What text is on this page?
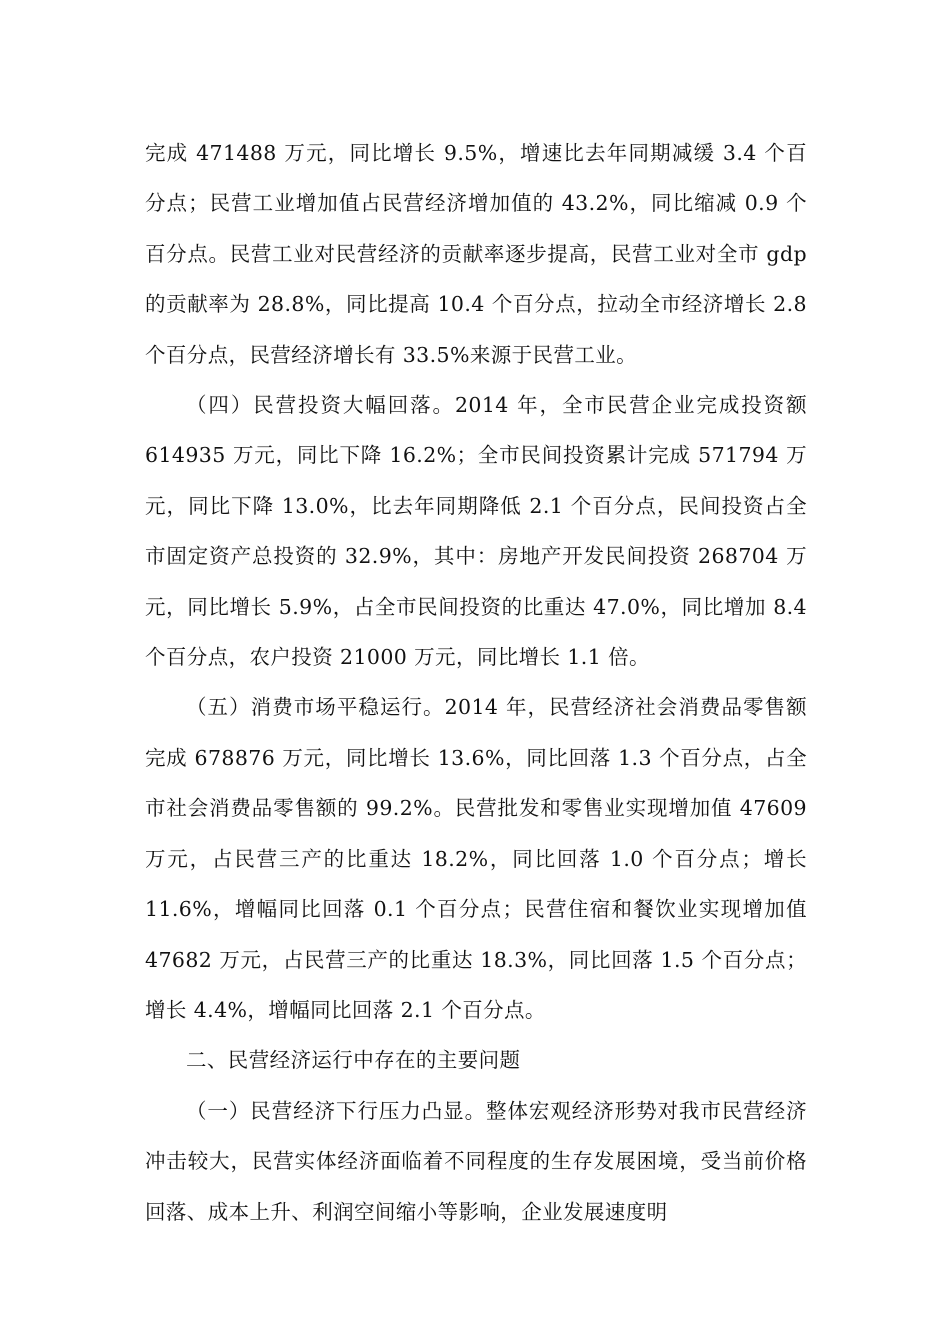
完成 471488 万元，同比增长 9.5%，增速比去年同期减缓 3.4 个百分点；民营工业增加值占民营经济增加值的 43.2%，同比缩减 0.9 个百分点。民营工业对民营经济的贡献率逐步提高，民营工业对全市 gdp 的贡献率为 28.8%，同比提高 10.4 个百分点，拉动全市经济增长 2.8 个百分点，民营经济增长有 33.5%来源于民营工业。

（四）民营投资大幅回落。2014 年，全市民营企业完成投资额 614935 万元，同比下降 16.2%；全市民间投资累计完成 571794 万元，同比下降 13.0%，比去年同期降低 2.1 个百分点，民间投资占全市固定资产总投资的 32.9%，其中：房地产开发民间投资 268704 万元，同比增长 5.9%，占全市民间投资的比重达 47.0%，同比增加 8.4 个百分点，农户投资 21000 万元，同比增长 1.1 倍。

（五）消费市场平稳运行。2014 年，民营经济社会消费品零售额完成 678876 万元，同比增长 13.6%，同比回落 1.3 个百分点，占全市社会消费品零售额的 99.2%。民营批发和零售业实现增加值 47609 万元，占民营三产的比重达 18.2%，同比回落 1.0 个百分点；增长 11.6%，增幅同比回落 0.1 个百分点；民营住宿和餐饮业实现增加值 47682 万元，占民营三产的比重达 18.3%，同比回落 1.5 个百分点；增长 4.4%，增幅同比回落 2.1 个百分点。

二、民营经济运行中存在的主要问题

（一）民营经济下行压力凸显。整体宏观经济形势对我市民营经济冲击较大，民营实体经济面临着不同程度的生存发展困境，受当前价格回落、成本上升、利润空间缩小等影响，企业发展速度明
